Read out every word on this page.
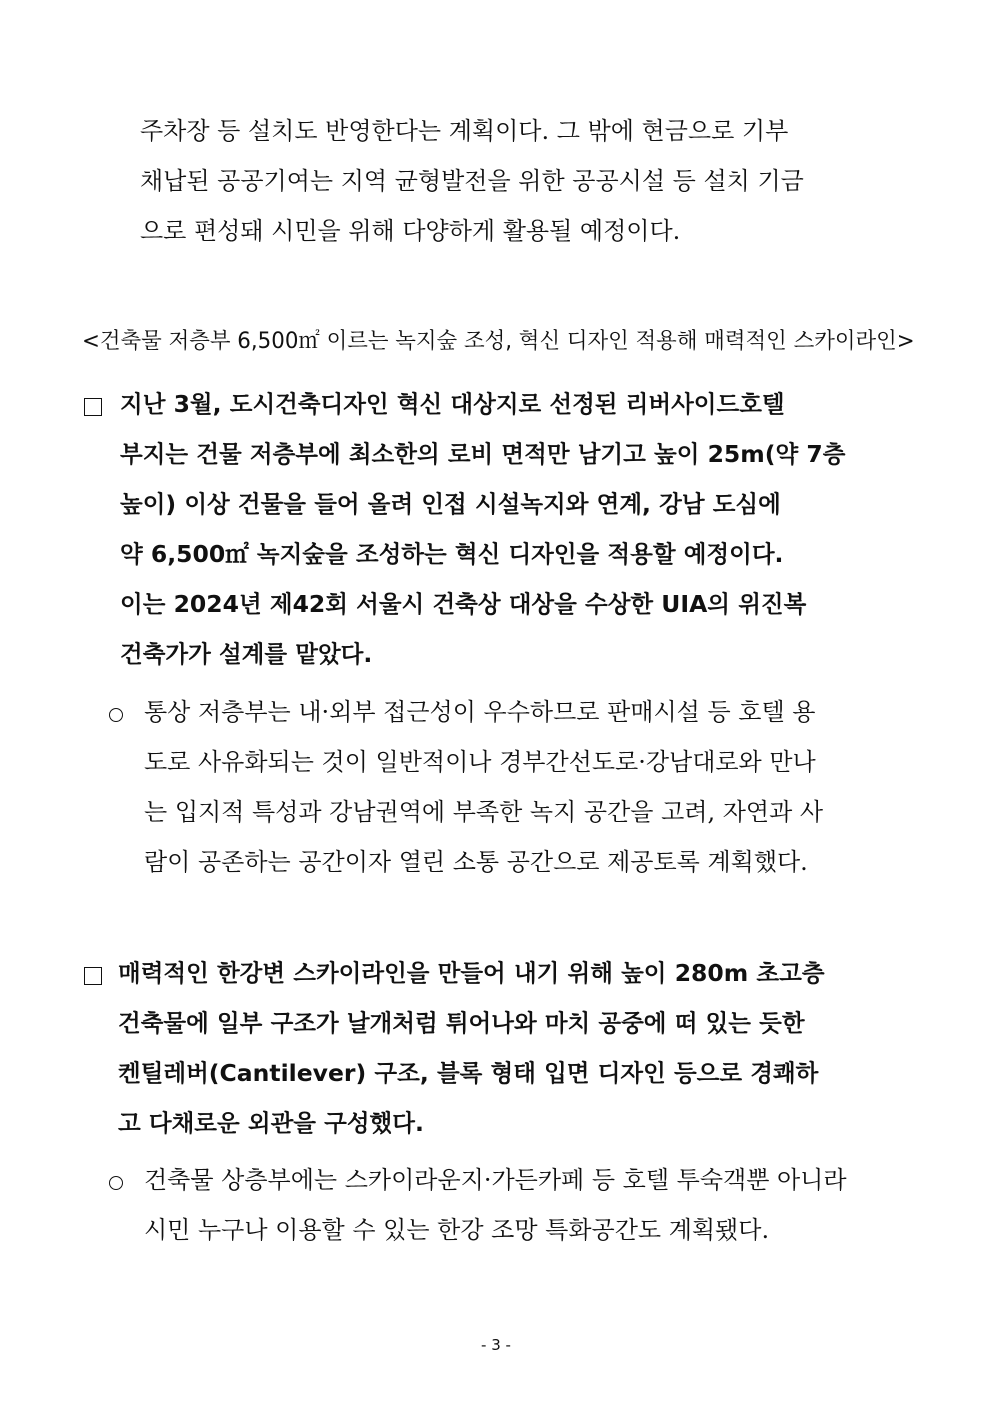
주차장 등 설치도 반영한다는 계획이다. 그 밖에 현금으로 기부
채납된 공공기여는 지역 균형발전을 위한 공공시설 등 설치 기금
으로 편성돼 시민을 위해 다양하게 활용될 예정이다.
<건축물 저층부 6,500㎡ 이르는 녹지숲 조성, 혁신 디자인 적용해 매력적인 스카이라인>
지난 3월, 도시건축디자인 혁신 대상지로 선정된 리버사이드호텔
부지는 건물 저층부에 최소한의 로비 면적만 남기고 높이 25m(약 7층
높이) 이상 건물을 들어 올려 인접 시설녹지와 연계, 강남 도심에
약 6,500㎡ 녹지숲을 조성하는 혁신 디자인을 적용할 예정이다.
이는 2024년 제42회 서울시 건축상 대상을 수상한 UIA의 위진복
건축가가 설계를 맡았다.
통상 저층부는 내·외부 접근성이 우수하므로 판매시설 등 호텔 용
도로 사유화되는 것이 일반적이나 경부간선도로·강남대로와 만나
는 입지적 특성과 강남권역에 부족한 녹지 공간을 고려, 자연과 사
람이 공존하는 공간이자 열린 소통 공간으로 제공토록 계획했다.
매력적인 한강변 스카이라인을 만들어 내기 위해 높이 280m 초고층
건축물에 일부 구조가 날개처럼 튀어나와 마치 공중에 떠 있는 듯한
켄틸레버(Cantilever) 구조, 블록 형태 입면 디자인 등으로 경쾌하
고 다채로운 외관을 구성했다.
건축물 상층부에는 스카이라운지·가든카페 등 호텔 투숙객뿐 아니라
시민 누구나 이용할 수 있는 한강 조망 특화공간도 계획됐다.
- 3 -
